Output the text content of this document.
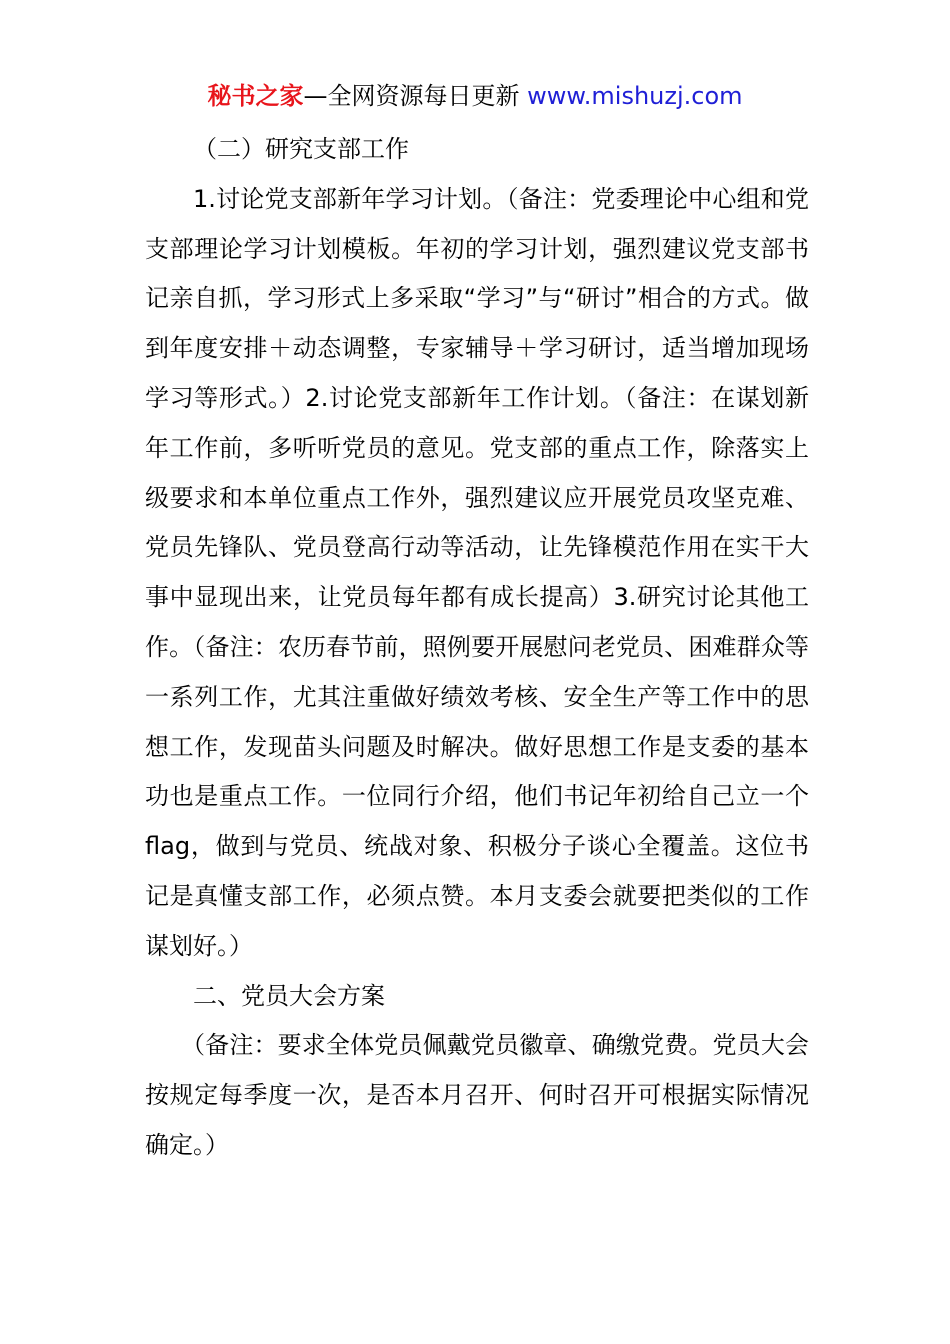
秘书之家—全网资源每日更新 www.mishuzj.com

（二）研究支部工作

1.讨论党支部新年学习计划。（备注：党委理论中心组和党支部理论学习计划模板。年初的学习计划，强烈建议党支部书记亲自抓，学习形式上多采取“学习”与“研讨”相合的方式。做到年度安排＋动态调整，专家辅导＋学习研讨，适当增加现场学习等形式。）2.讨论党支部新年工作计划。（备注：在谋划新年工作前，多听听党员的意见。党支部的重点工作，除落实上级要求和本单位重点工作外，强烈建议应开展党员攻坚克难、党员先锋队、党员登高行动等活动，让先锋模范作用在实干大事中显现出来，让党员每年都有成长提高）3.研究讨论其他工作。（备注：农历春节前，照例要开展慰问老党员、困难群众等一系列工作，尤其注重做好绩效考核、安全生产等工作中的思想工作，发现苗头问题及时解决。做好思想工作是支委的基本功也是重点工作。一位同行介绍，他们书记年初给自己立一个flag，做到与党员、统战对象、积极分子谈心全覆盖。这位书记是真懂支部工作，必须点赞。本月支委会就要把类似的工作谋划好。）

二、党员大会方案

（备注：要求全体党员佩戴党员徽章、确缴党费。党员大会按规定每季度一次，是否本月召开、何时召开可根据实际情况确定。）
